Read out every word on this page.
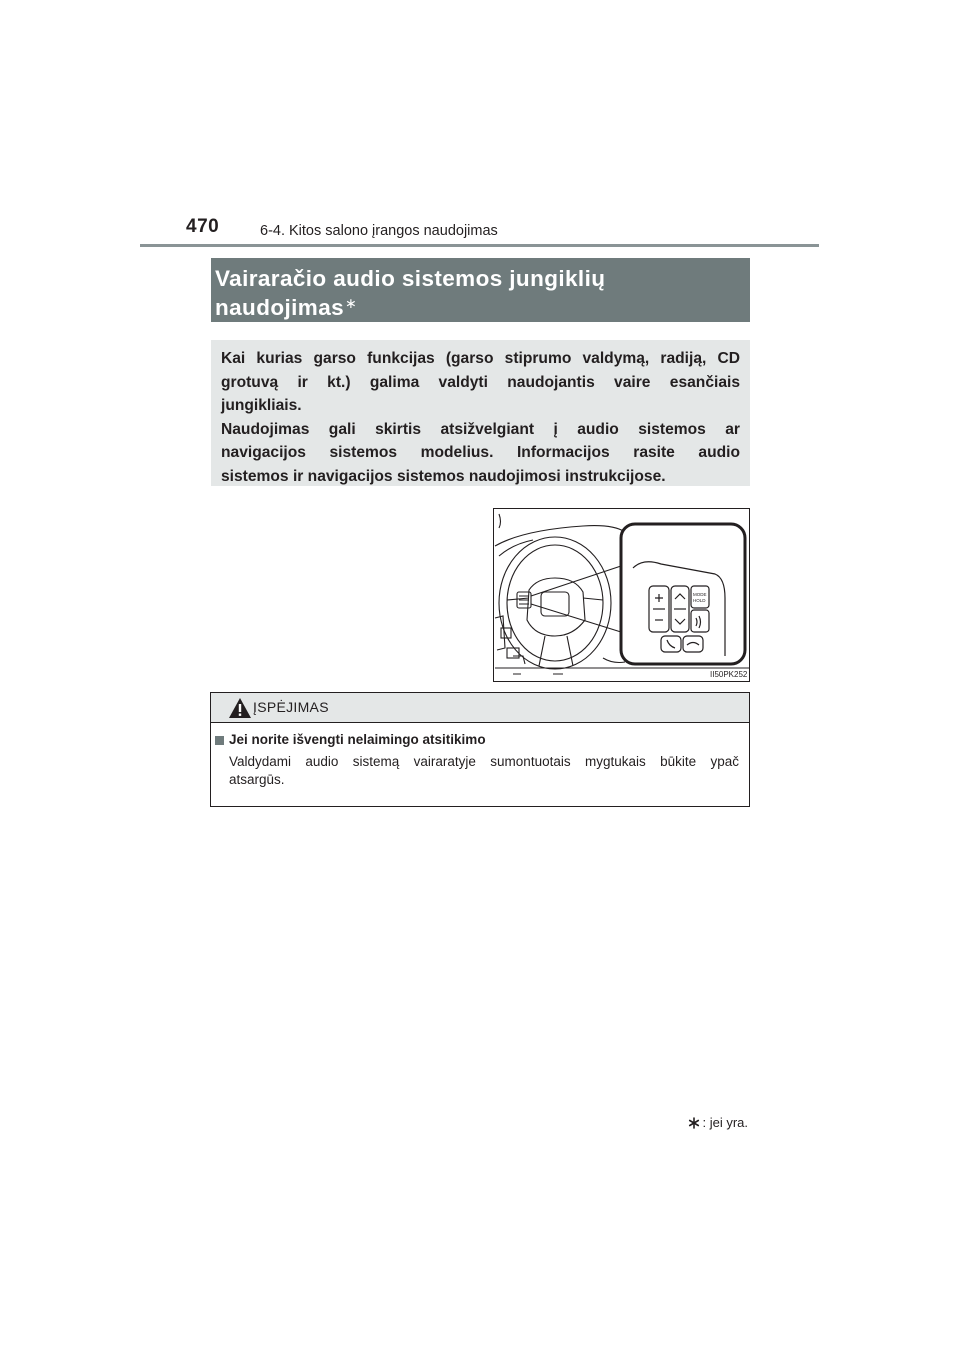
470	6-4. Kitos salono įrangos naudojimas
Vairaračio audio sistemos jungiklių
naudojimas∗

Kai kurias garso funkcijas (garso stiprumo valdymą, radiją, CD

grotuvą ir kt.) galima valdyti naudojantis vaire esančiais

jungikliais.

Naudojimas gali skirtis atsižvelgiant į audio sistemos ar

navigacijos sistemos modelius. Informacijos rasite audio

sistemos ir navigacijos sistemos naudojimosi instrukcijose.

MODE
HOLD
II50PK252
ĮSPĖJIMAS
Jei norite išvengti nelaimingo atsitikimo
Valdydami audio sistemą vairaratyje sumontuotais mygtukais būkite ypač
atsargūs.
: jei yra.
